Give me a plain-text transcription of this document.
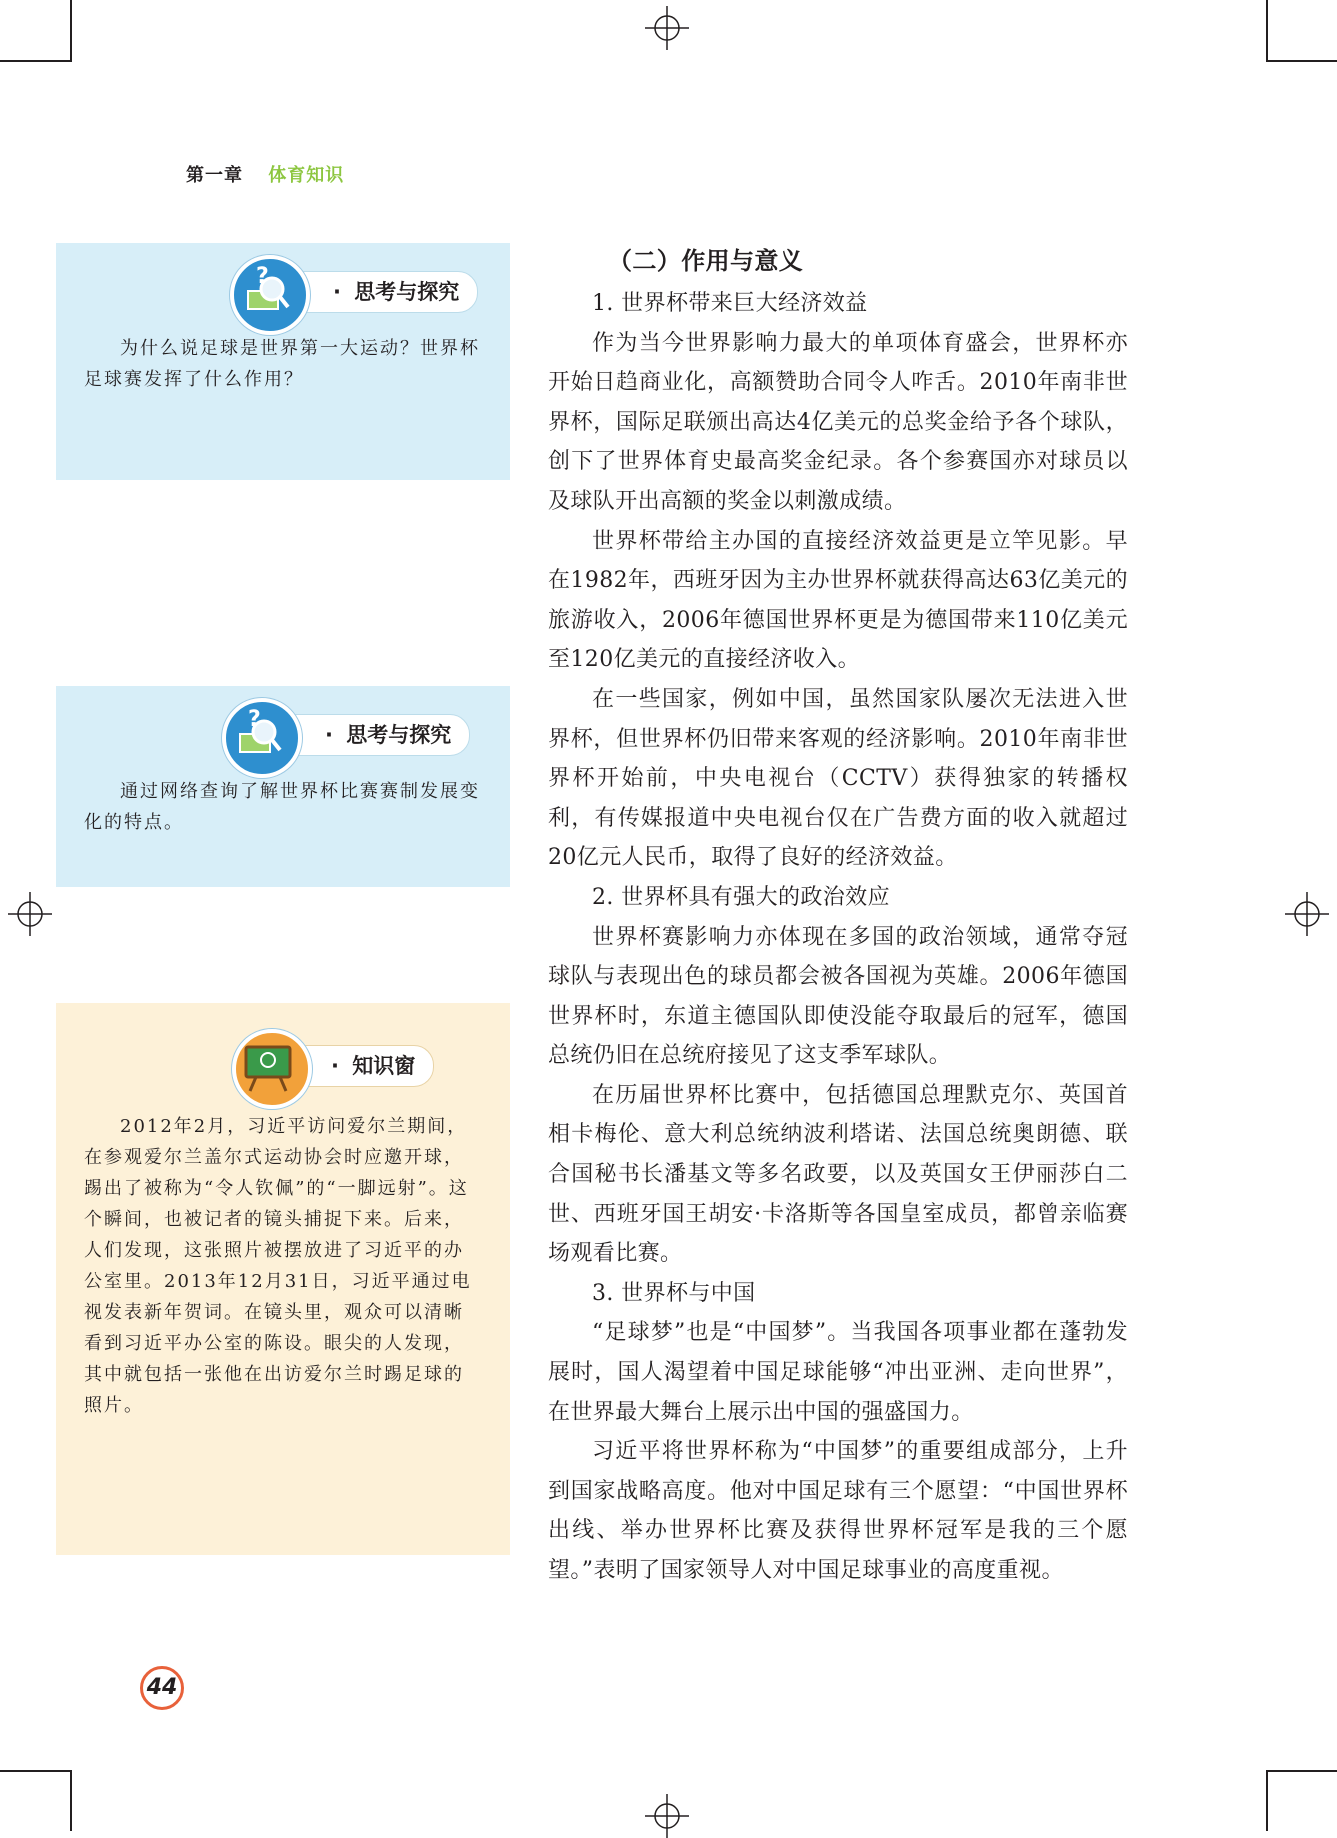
第一章 体育知识
· 思考与探究
?

为什么说足球是世界第一大运动？世界杯足球赛发挥了什么作用？

· 思考与探究
?

通过网络查询了解世界杯比赛赛制发展变化的特点。

· 知识窗

2012年2月，习近平访问爱尔兰期间，在参观爱尔兰盖尔式运动协会时应邀开球，踢出了被称为“令人钦佩”的“一脚远射”。这个瞬间，也被记者的镜头捕捉下来。后来，人们发现，这张照片被摆放进了习近平的办公室里。2013年12月31日，习近平通过电视发表新年贺词。在镜头里，观众可以清晰看到习近平办公室的陈设。眼尖的人发现，其中就包括一张他在出访爱尔兰时踢足球的照片。

（二）作用与意义

1. 世界杯带来巨大经济效益

作为当今世界影响力最大的单项体育盛会，世界杯亦开始日趋商业化，高额赞助合同令人咋舌。2010年南非世界杯，国际足联颁出高达4亿美元的总奖金给予各个球队，创下了世界体育史最高奖金纪录。各个参赛国亦对球员以及球队开出高额的奖金以刺激成绩。

世界杯带给主办国的直接经济效益更是立竿见影。早在1982年，西班牙因为主办世界杯就获得高达63亿美元的旅游收入，2006年德国世界杯更是为德国带来110亿美元至120亿美元的直接经济收入。

在一些国家，例如中国，虽然国家队屡次无法进入世界杯，但世界杯仍旧带来客观的经济影响。2010年南非世界杯开始前，中央电视台（CCTV）获得独家的转播权利，有传媒报道中央电视台仅在广告费方面的收入就超过20亿元人民币，取得了良好的经济效益。

2. 世界杯具有强大的政治效应

世界杯赛影响力亦体现在多国的政治领域，通常夺冠球队与表现出色的球员都会被各国视为英雄。2006年德国世界杯时，东道主德国队即使没能夺取最后的冠军，德国总统仍旧在总统府接见了这支季军球队。

在历届世界杯比赛中，包括德国总理默克尔、英国首相卡梅伦、意大利总统纳波利塔诺、法国总统奥朗德、联合国秘书长潘基文等多名政要，以及英国女王伊丽莎白二世、西班牙国王胡安·卡洛斯等各国皇室成员，都曾亲临赛场观看比赛。

3. 世界杯与中国

“足球梦”也是“中国梦”。当我国各项事业都在蓬勃发展时，国人渴望着中国足球能够“冲出亚洲、走向世界”，在世界最大舞台上展示出中国的强盛国力。

习近平将世界杯称为“中国梦”的重要组成部分，上升到国家战略高度。他对中国足球有三个愿望：“中国世界杯出线、举办世界杯比赛及获得世界杯冠军是我的三个愿望。”表明了国家领导人对中国足球事业的高度重视。

44
